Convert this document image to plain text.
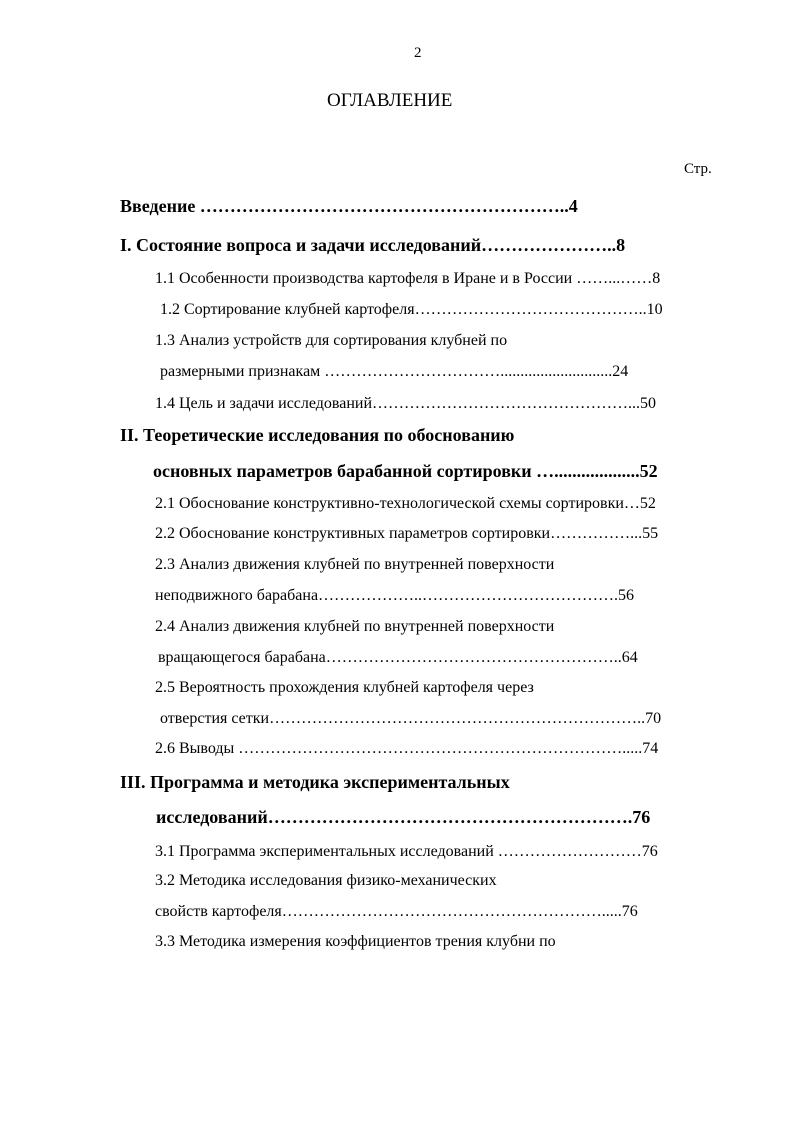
2
ОГЛАВЛЕНИЕ
Стр.
Введение ……………………………………………………..4
I. Состояние вопроса и задачи исследований…………………..8
1.1 Особенности производства картофеля в Иране и в России ……...……8
1.2 Сортирование клубней картофеля……………………………………..10
1.3 Анализ устройств для сортирования клубней по
размерными признакам ……………………………............................24
1.4 Цель и задачи исследований…………………………………………...50
II. Теоретические исследования по обоснованию
основных параметров барабанной сортировки …...................52
2.1 Обоснование конструктивно-технологической схемы сортировки…52
2.2 Обоснование конструктивных параметров сортировки……………...55
2.3 Анализ движения клубней по внутренней поверхности
неподвижного барабана………………..……………………………….56
2.4 Анализ движения клубней по внутренней поверхности
вращающегося барабана………………………………………………..64
2.5 Вероятность прохождения клубней картофеля через
отверстия сетки……………………………………………………………..70
2.6 Выводы ……………………………………………………………….....74
III. Программа и методика экспериментальных
исследований…………………………………………………….76
3.1 Программа экспериментальных исследований ………………………76
3.2 Методика исследования физико-механических
свойств картофеля…………………………………………………….....76
3.3 Методика измерения коэффициентов трения клубни по
